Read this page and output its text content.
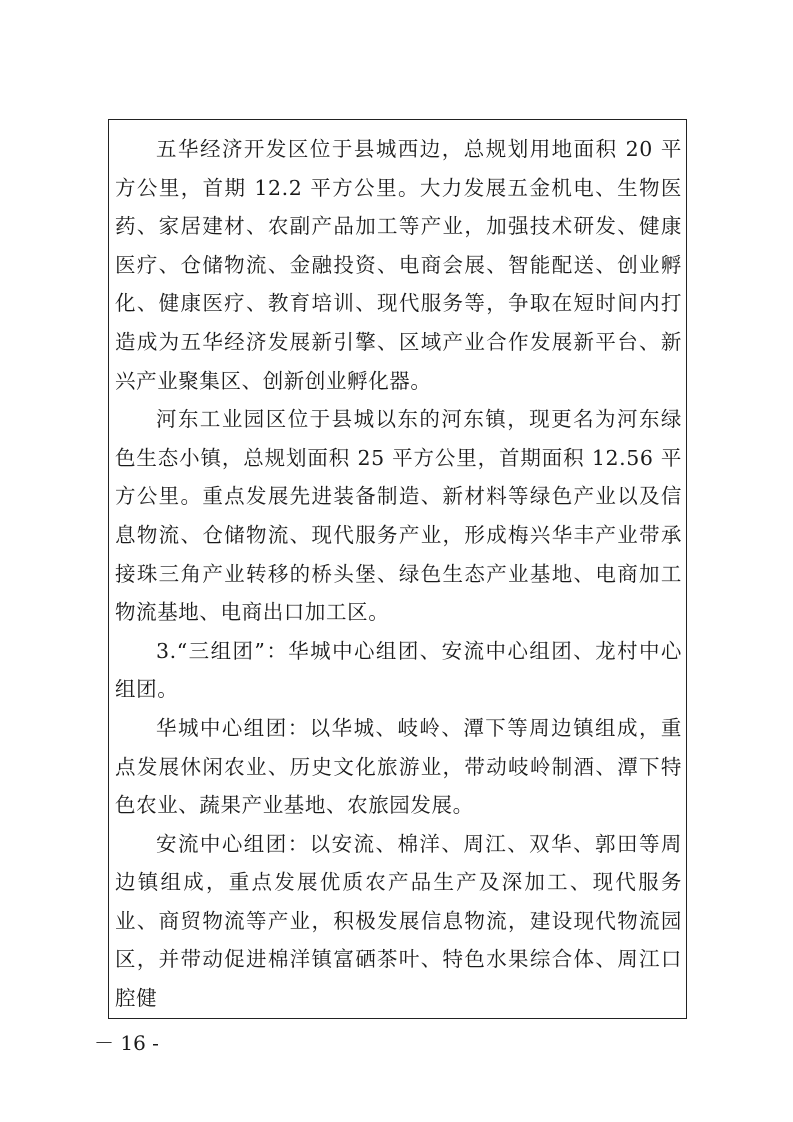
五华经济开发区位于县城西边，总规划用地面积 20 平方公里，首期 12.2 平方公里。大力发展五金机电、生物医药、家居建材、农副产品加工等产业，加强技术研发、健康医疗、仓储物流、金融投资、电商会展、智能配送、创业孵化、健康医疗、教育培训、现代服务等，争取在短时间内打造成为五华经济发展新引擎、区域产业合作发展新平台、新兴产业聚集区、创新创业孵化器。

河东工业园区位于县城以东的河东镇，现更名为河东绿色生态小镇，总规划面积 25 平方公里，首期面积 12.56 平方公里。重点发展先进装备制造、新材料等绿色产业以及信息物流、仓储物流、现代服务产业，形成梅兴华丰产业带承接珠三角产业转移的桥头堡、绿色生态产业基地、电商加工物流基地、电商出口加工区。

3.“三组团”：华城中心组团、安流中心组团、龙村中心组团。

华城中心组团：以华城、岐岭、潭下等周边镇组成，重点发展休闲农业、历史文化旅游业，带动岐岭制酒、潭下特色农业、蔬果产业基地、农旅园发展。

安流中心组团：以安流、棉洋、周江、双华、郭田等周边镇组成，重点发展优质农产品生产及深加工、现代服务业、商贸物流等产业，积极发展信息物流，建设现代物流园区，并带动促进棉洋镇富硒茶叶、特色水果综合体、周江口腔健

－ 16 -
